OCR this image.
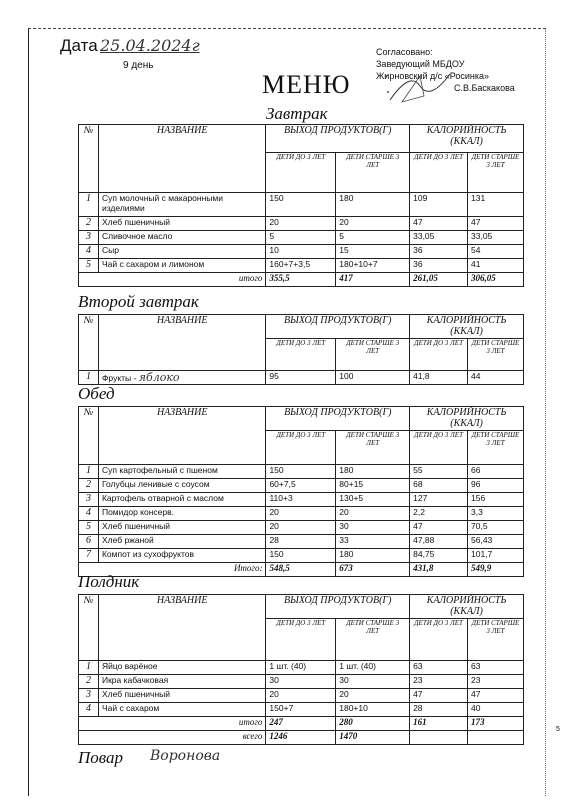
Дата 25.04.2024г
9 день
Согласовано:
Заведующий МБДОУ
Жирновский д/с «Росинка»
С.В.Баскакова
МЕНЮ
Завтрак
№	НАЗВАНИЕ	ВЫХОД ПРОДУКТОВ(Г)		КАЛОРИЙНОСТЬ (ККАЛ)	
		ДЕТИ ДО 3 ЛЕТ	ДЕТИ СТАРШЕ 3 ЛЕТ	ДЕТИ ДО 3 ЛЕТ	ДЕТИ СТАРШЕ 3 ЛЕТ
1	Суп молочный с макаронными изделиями	150	180	109	131
2	Хлеб пшеничный	20	20	47	47
3	Сливочное масло	5	5	33,05	33,05
4	Сыр	10	15	36	54
5	Чай с сахаром и лимоном	160+7+3,5	180+10+7	36	41
итого		355,5	417	261,05	306,05
Второй завтрак
№	НАЗВАНИЕ	ВЫХОД ПРОДУКТОВ(Г)		КАЛОРИЙНОСТЬ (ККАЛ)	
		ДЕТИ ДО 3 ЛЕТ	ДЕТИ СТАРШЕ 3 ЛЕТ	ДЕТИ ДО 3 ЛЕТ	ДЕТИ СТАРШЕ 3 ЛЕТ
1	Фрукты - яблоко	95	100	41,8	44
Обед
№	НАЗВАНИЕ	ВЫХОД ПРОДУКТОВ(Г)		КАЛОРИЙНОСТЬ (ККАЛ)	
		ДЕТИ ДО 3 ЛЕТ	ДЕТИ СТАРШЕ 3 ЛЕТ	ДЕТИ ДО 3 ЛЕТ	ДЕТИ СТАРШЕ 3 ЛЕТ
1	Суп картофельный с пшеном	150	180	55	66
2	Голубцы ленивые с соусом	60+7,5	80+15	68	96
3	Картофель отварной с маслом	110+3	130+5	127	156
4	Помидор консерв.	20	20	2,2	3,3
5	Хлеб пшеничный	20	30	47	70,5
6	Хлеб ржаной	28	33	47,88	56,43
7	Компот из сухофруктов	150	180	84,75	101,7
Итого:		548,5	673	431,8	549,9
Полдник
№	НАЗВАНИЕ	ВЫХОД ПРОДУКТОВ(Г)		КАЛОРИЙНОСТЬ (ККАЛ)	
		ДЕТИ ДО 3 ЛЕТ	ДЕТИ СТАРШЕ 3 ЛЕТ	ДЕТИ ДО 3 ЛЕТ	ДЕТИ СТАРШЕ 3 ЛЕТ
1	Яйцо варёное	1 шт. (40)	1 шт. (40)	63	63
2	Икра кабачковая	30	30	23	23
3	Хлеб пшеничный	20	20	47	47
4	Чай с сахаром	150+7	180+10	28	40
итого		247	280	161	173
всего		1246	1470		
Повар Воронова
5
